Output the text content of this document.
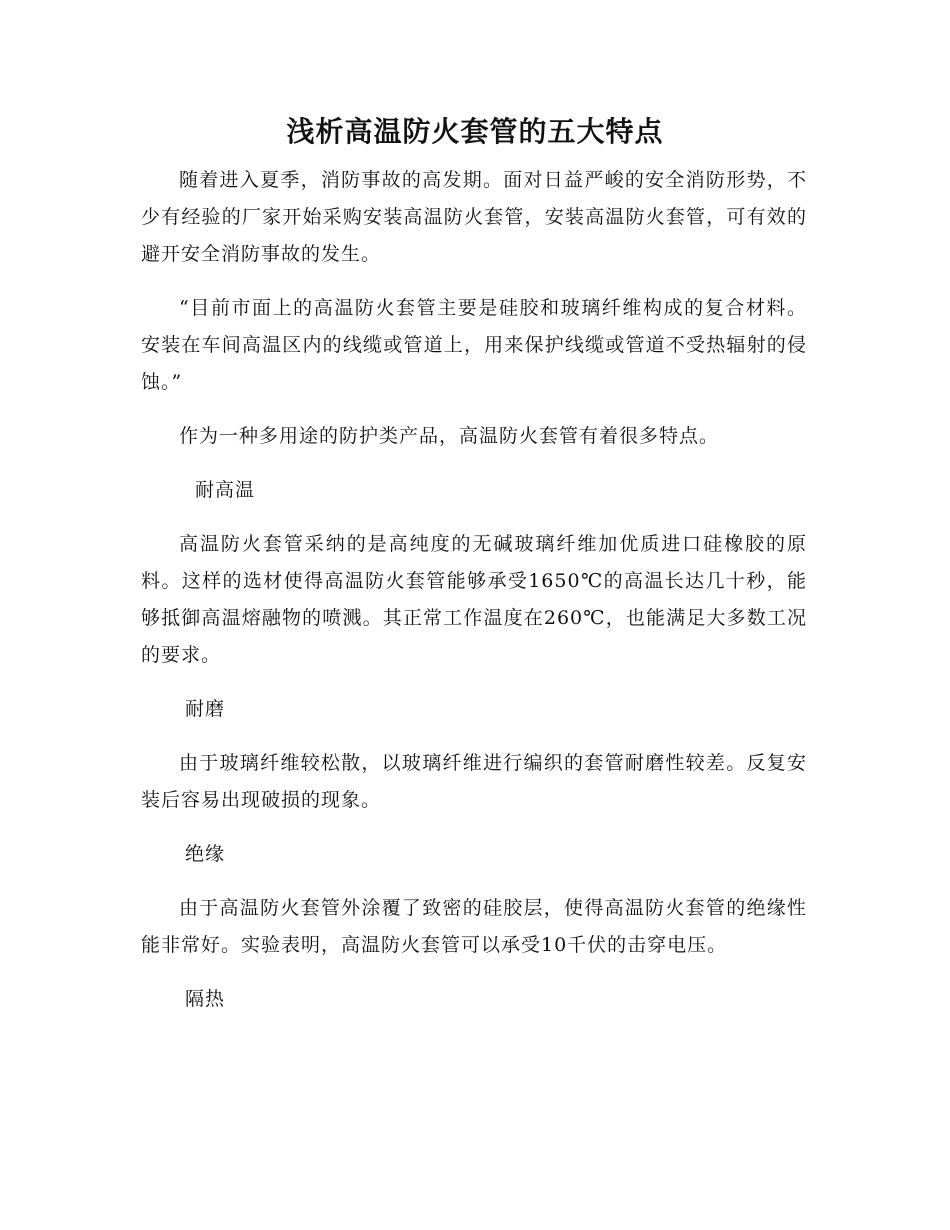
浅析高温防火套管的五大特点

随着进入夏季，消防事故的高发期。面对日益严峻的安全消防形势，不少有经验的厂家开始采购安装高温防火套管，安装高温防火套管，可有效的避开安全消防事故的发生。

“目前市面上的高温防火套管主要是硅胶和玻璃纤维构成的复合材料。安装在车间高温区内的线缆或管道上，用来保护线缆或管道不受热辐射的侵蚀。”

作为一种多用途的防护类产品，高温防火套管有着很多特点。

耐高温

高温防火套管采纳的是高纯度的无碱玻璃纤维加优质进口硅橡胶的原料。这样的选材使得高温防火套管能够承受1650℃的高温长达几十秒，能够抵御高温熔融物的喷溅。其正常工作温度在260℃，也能满足大多数工况的要求。

耐磨

由于玻璃纤维较松散，以玻璃纤维进行编织的套管耐磨性较差。反复安装后容易出现破损的现象。

绝缘

由于高温防火套管外涂覆了致密的硅胶层，使得高温防火套管的绝缘性能非常好。实验表明，高温防火套管可以承受10千伏的击穿电压。

隔热
